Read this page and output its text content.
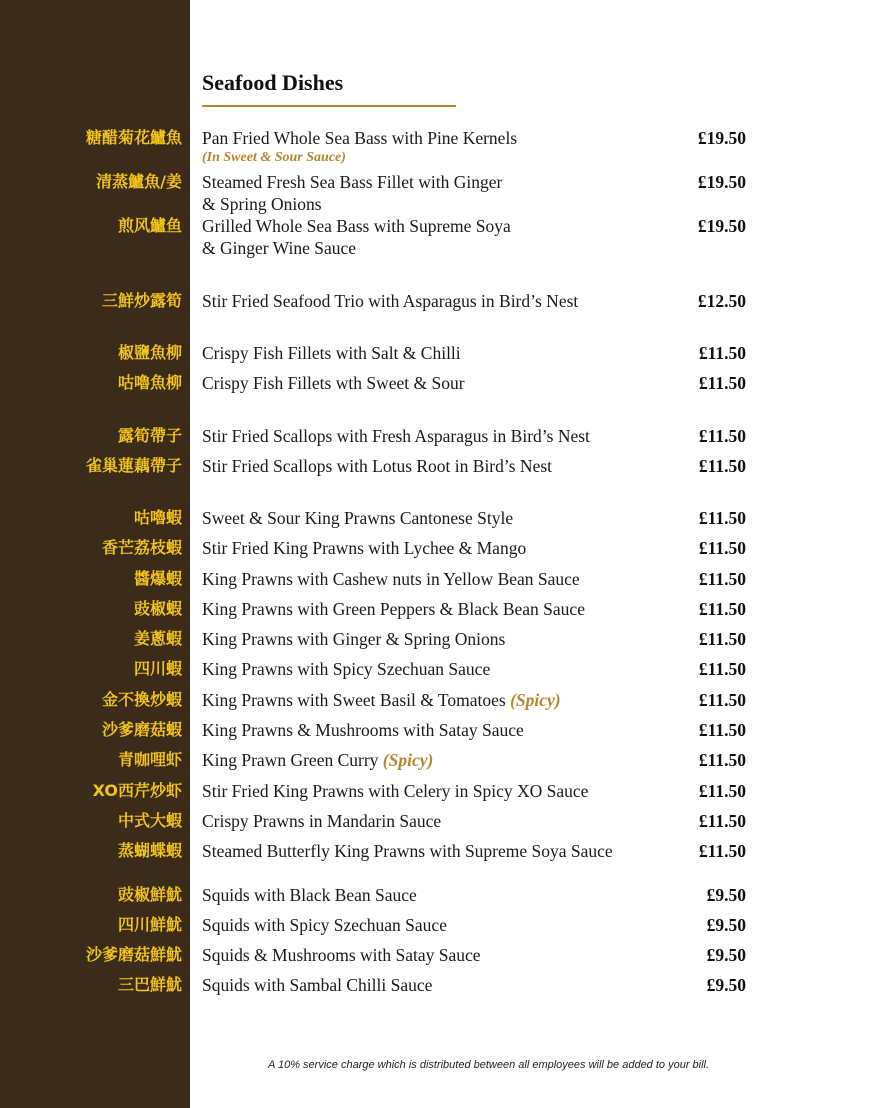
Seafood Dishes
糖醋菊花鱸魚 Pan Fried Whole Sea Bass with Pine Kernels
(In Sweet & Sour Sauce)
£19.50
清蒸鱸魚/姜 Steamed Fresh Sea Bass Fillet with Ginger
& Spring Onions
£19.50
煎风鱸鱼 Grilled Whole Sea Bass with Supreme Soya
& Ginger Wine Sauce
£19.50
三鮮炒露筍 Stir Fried Seafood Trio with Asparagus in Bird’s Nest	£12.50
椒鹽魚柳 Crispy Fish Fillets with Salt & Chilli	£11.50
咕嚕魚柳 Crispy Fish Fillets wth Sweet & Sour	£11.50
露筍帶子 Stir Fried Scallops with Fresh Asparagus in Bird’s Nest	£11.50
雀巢蓮藕帶子 Stir Fried Scallops with Lotus Root in Bird’s Nest	£11.50
咕嚕蝦 Sweet & Sour King Prawns Cantonese Style	£11.50
香芒荔枝蝦 Stir Fried King Prawns with Lychee & Mango	£11.50
醬爆蝦 King Prawns with Cashew nuts in Yellow Bean Sauce	£11.50
豉椒蝦 King Prawns with Green Peppers & Black Bean Sauce	£11.50
姜蔥蝦 King Prawns with Ginger & Spring Onions	£11.50
四川蝦 King Prawns with Spicy Szechuan Sauce	£11.50
金不換炒蝦 King Prawns with Sweet Basil & Tomatoes (Spicy)	£11.50
沙爹磨菇蝦 King Prawns & Mushrooms with Satay Sauce	£11.50
青咖哩虾 King Prawn Green Curry (Spicy)	£11.50
XO西芹炒虾 Stir Fried King Prawns with Celery in Spicy XO Sauce	£11.50
中式大蝦 Crispy Prawns in Mandarin Sauce	£11.50
蒸蝴蝶蝦 Steamed Butterfly King Prawns with Supreme Soya Sauce	£11.50
豉椒鮮魷 Squids with Black Bean Sauce	£9.50
四川鮮魷 Squids with Spicy Szechuan Sauce	£9.50
沙爹磨菇鮮魷 Squids & Mushrooms with Satay Sauce	£9.50
三巴鮮魷 Squids with Sambal Chilli Sauce	£9.50
A 10% service charge which is distributed between all employees will be added to your bill.
